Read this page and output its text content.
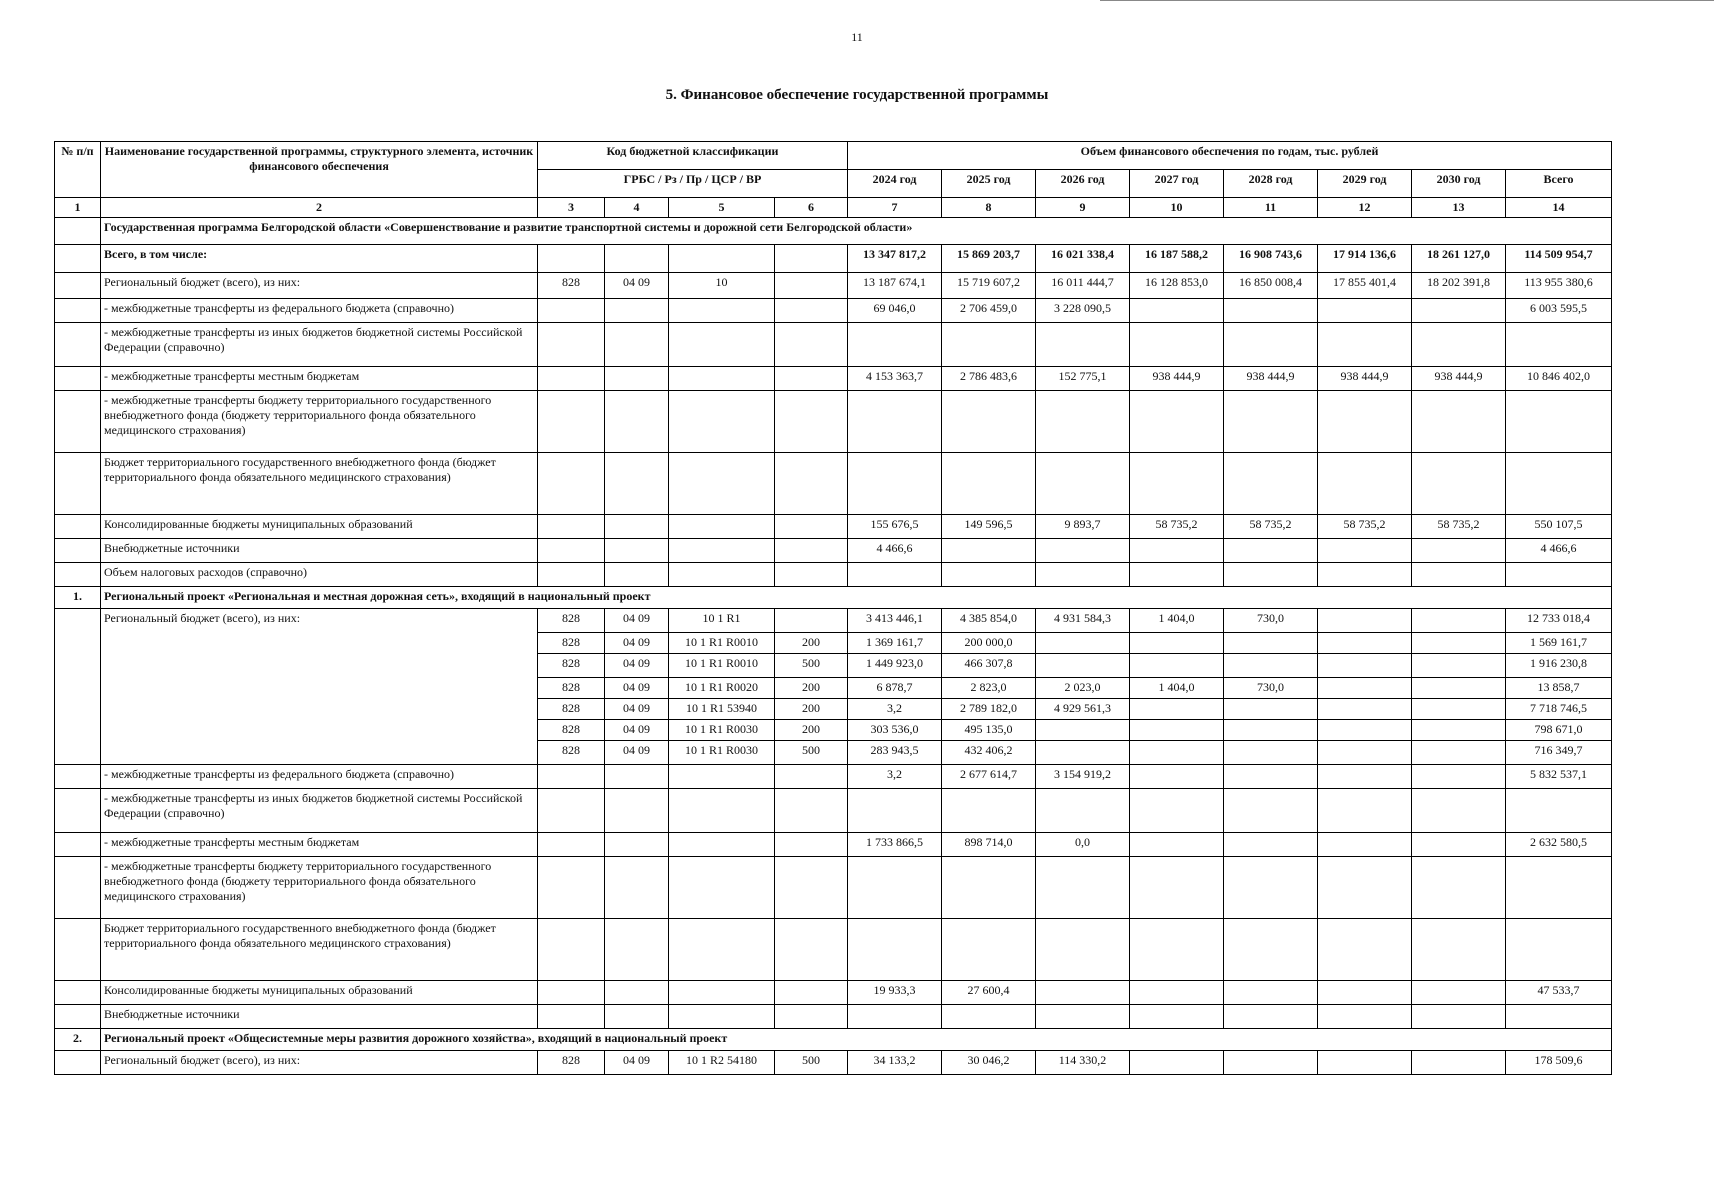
11
5. Финансовое обеспечение государственной программы
№ п/п	Наименование государственной программы, структурного элемента, источник финансового обеспечения	Код бюджетной классификации				Объем финансового обеспечения по годам, тыс. рублей							
		ГРБС / Рз / Пр / ЦСР / ВР				2024 год	2025 год	2026 год	2027 год	2028 год	2029 год	2030 год	Всего
1	2	3	4	5	6	7	8	9	10	11	12	13	14
	Государственная программа Белгородской области «Совершенствование и развитие транспортной системы и дорожной сети Белгородской области»												
	Всего, в том числе:					13 347 817,2	15 869 203,7	16 021 338,4	16 187 588,2	16 908 743,6	17 914 136,6	18 261 127,0	114 509 954,7
	Региональный бюджет (всего), из них:	828	04 09	10		13 187 674,1	15 719 607,2	16 011 444,7	16 128 853,0	16 850 008,4	17 855 401,4	18 202 391,8	113 955 380,6
	- межбюджетные трансферты из федерального бюджета (справочно)					69 046,0	2 706 459,0	3 228 090,5					6 003 595,5
	- межбюджетные трансферты из иных бюджетов бюджетной системы Российской Федерации (справочно)												
	- межбюджетные трансферты местным бюджетам					4 153 363,7	2 786 483,6	152 775,1	938 444,9	938 444,9	938 444,9	938 444,9	10 846 402,0
	- межбюджетные трансферты бюджету территориального государственного внебюджетного фонда (бюджету территориального фонда обязательного медицинского страхования)												
	Бюджет территориального государственного внебюджетного фонда (бюджет территориального фонда обязательного медицинского страхования)												
	Консолидированные бюджеты муниципальных образований					155 676,5	149 596,5	9 893,7	58 735,2	58 735,2	58 735,2	58 735,2	550 107,5
	Внебюджетные источники					4 466,6							4 466,6
	Объем налоговых расходов (справочно)												
1.	Региональный проект «Региональная и местная дорожная сеть», входящий в национальный проект												
	Региональный бюджет (всего), из них:	828	04 09	10 1 R1		3 413 446,1	4 385 854,0	4 931 584,3	1 404,0	730,0			12 733 018,4
		828	04 09	10 1 R1 R0010	200	1 369 161,7	200 000,0						1 569 161,7
		828	04 09	10 1 R1 R0010	500	1 449 923,0	466 307,8						1 916 230,8
		828	04 09	10 1 R1 R0020	200	6 878,7	2 823,0	2 023,0	1 404,0	730,0			13 858,7
		828	04 09	10 1 R1 53940	200	3,2	2 789 182,0	4 929 561,3					7 718 746,5
		828	04 09	10 1 R1 R0030	200	303 536,0	495 135,0						798 671,0
		828	04 09	10 1 R1 R0030	500	283 943,5	432 406,2						716 349,7
	- межбюджетные трансферты из федерального бюджета (справочно)					3,2	2 677 614,7	3 154 919,2					5 832 537,1
	- межбюджетные трансферты из иных бюджетов бюджетной системы Российской Федерации (справочно)												
	- межбюджетные трансферты местным бюджетам					1 733 866,5	898 714,0	0,0					2 632 580,5
	- межбюджетные трансферты бюджету территориального государственного внебюджетного фонда (бюджету территориального фонда обязательного медицинского страхования)												
	Бюджет территориального государственного внебюджетного фонда (бюджет территориального фонда обязательного медицинского страхования)												
	Консолидированные бюджеты муниципальных образований					19 933,3	27 600,4						47 533,7
	Внебюджетные источники												
2.	Региональный проект «Общесистемные меры развития дорожного хозяйства», входящий в национальный проект												
	Региональный бюджет (всего), из них:	828	04 09	10 1 R2 54180	500	34 133,2	30 046,2	114 330,2					178 509,6
